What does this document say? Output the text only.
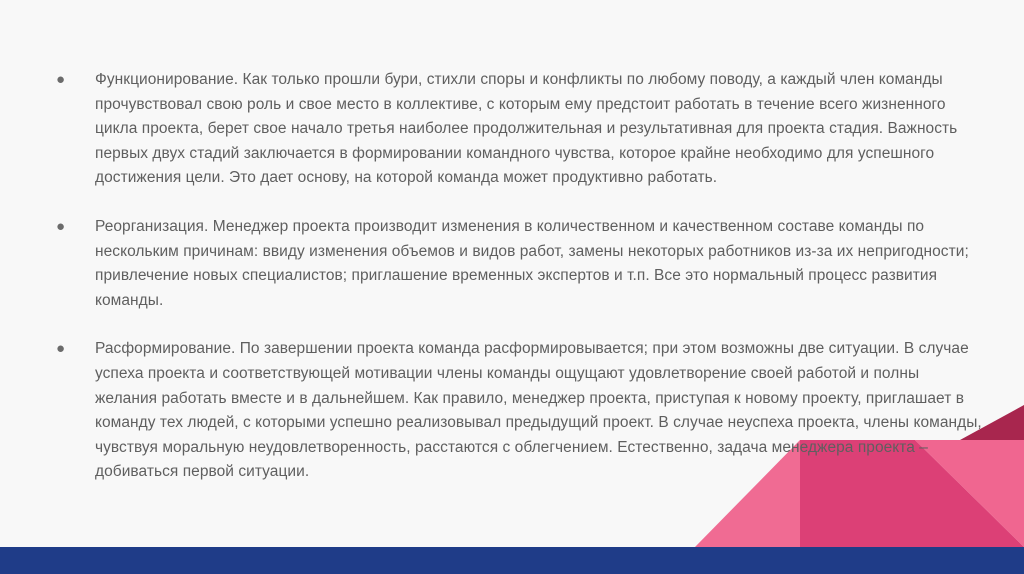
● Функционирование. Как только прошли бури, стихли споры и конфликты по любому поводу, а каждый член команды прочувствовал свою роль и свое место в коллективе, с которым ему предстоит работать в течение всего жизненного цикла проекта, берет свое начало третья наиболее продолжительная и результативная для проекта стадия. Важность первых двух стадий заключается в формировании командного чувства, которое крайне необходимо для успешного достижения цели. Это дает основу, на которой команда может продуктивно работать.
● Реорганизация. Менеджер проекта производит изменения в количественном и качественном составе команды по нескольким причинам: ввиду изменения объемов и видов работ, замены некоторых работников из-за их непригодности; привлечение новых специалистов; приглашение временных экспертов и т.п. Все это нормальный процесс развития команды.
● Расформирование. По завершении проекта команда расформировывается; при этом возможны две ситуации. В случае успеха проекта и соответствующей мотивации члены команды ощущают удовлетворение своей работой и полны желания работать вместе и в дальнейшем. Как правило, менеджер проекта, приступая к новому проекту, приглашает в команду тех людей, с которыми успешно реализовывал предыдущий проект. В случае неуспеха проекта, члены команды, чувствуя моральную неудовлетворенность, расстаются с облегчением. Естественно, задача менеджера проекта – добиваться первой ситуации.
